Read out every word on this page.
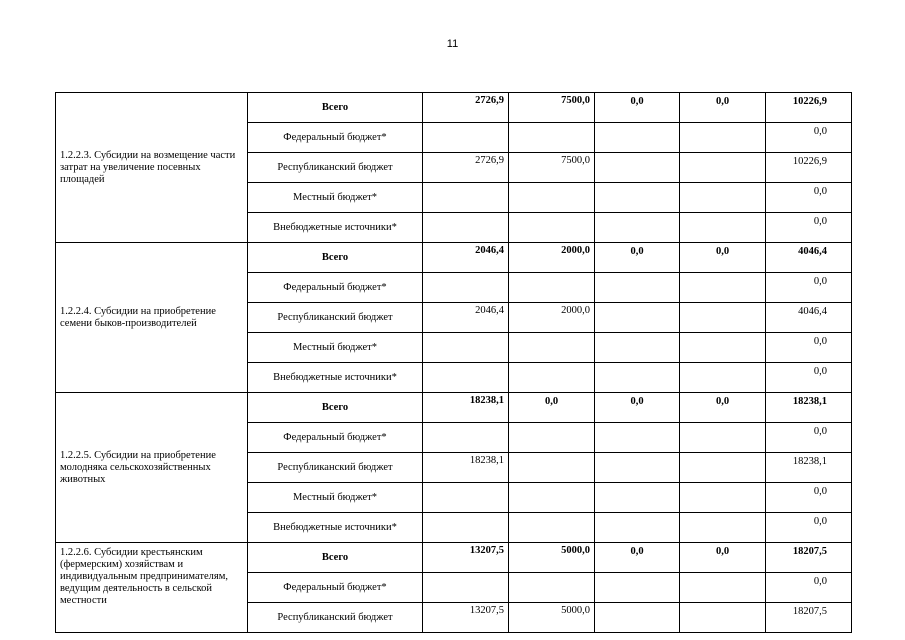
11
1.2.2.3. Субсидии на возмещение части затрат на увеличение посевных площадей	Всего	2726,9	7500,0	0,0	0,0	10226,9
	Федеральный бюджет*					0,0
	Республиканский бюджет	2726,9	7500,0			10226,9
	Местный бюджет*					0,0
	Внебюджетные источники*					0,0
1.2.2.4. Субсидии на приобретение семени быков-производителей	Всего	2046,4	2000,0	0,0	0,0	4046,4
	Федеральный бюджет*					0,0
	Республиканский бюджет	2046,4	2000,0			4046,4
	Местный бюджет*					0,0
	Внебюджетные источники*					0,0
1.2.2.5. Субсидии на приобретение молодняка сельскохозяйственных животных	Всего	18238,1	0,0	0,0	0,0	18238,1
	Федеральный бюджет*					0,0
	Республиканский бюджет	18238,1				18238,1
	Местный бюджет*					0,0
	Внебюджетные источники*					0,0
1.2.2.6. Субсидии крестьянским (фермерским) хозяйствам и индивидуальным предпринимателям, ведущим деятельность в сельской местности	Всего	13207,5	5000,0	0,0	0,0	18207,5
	Федеральный бюджет*					0,0
	Республиканский бюджет	13207,5	5000,0			18207,5
